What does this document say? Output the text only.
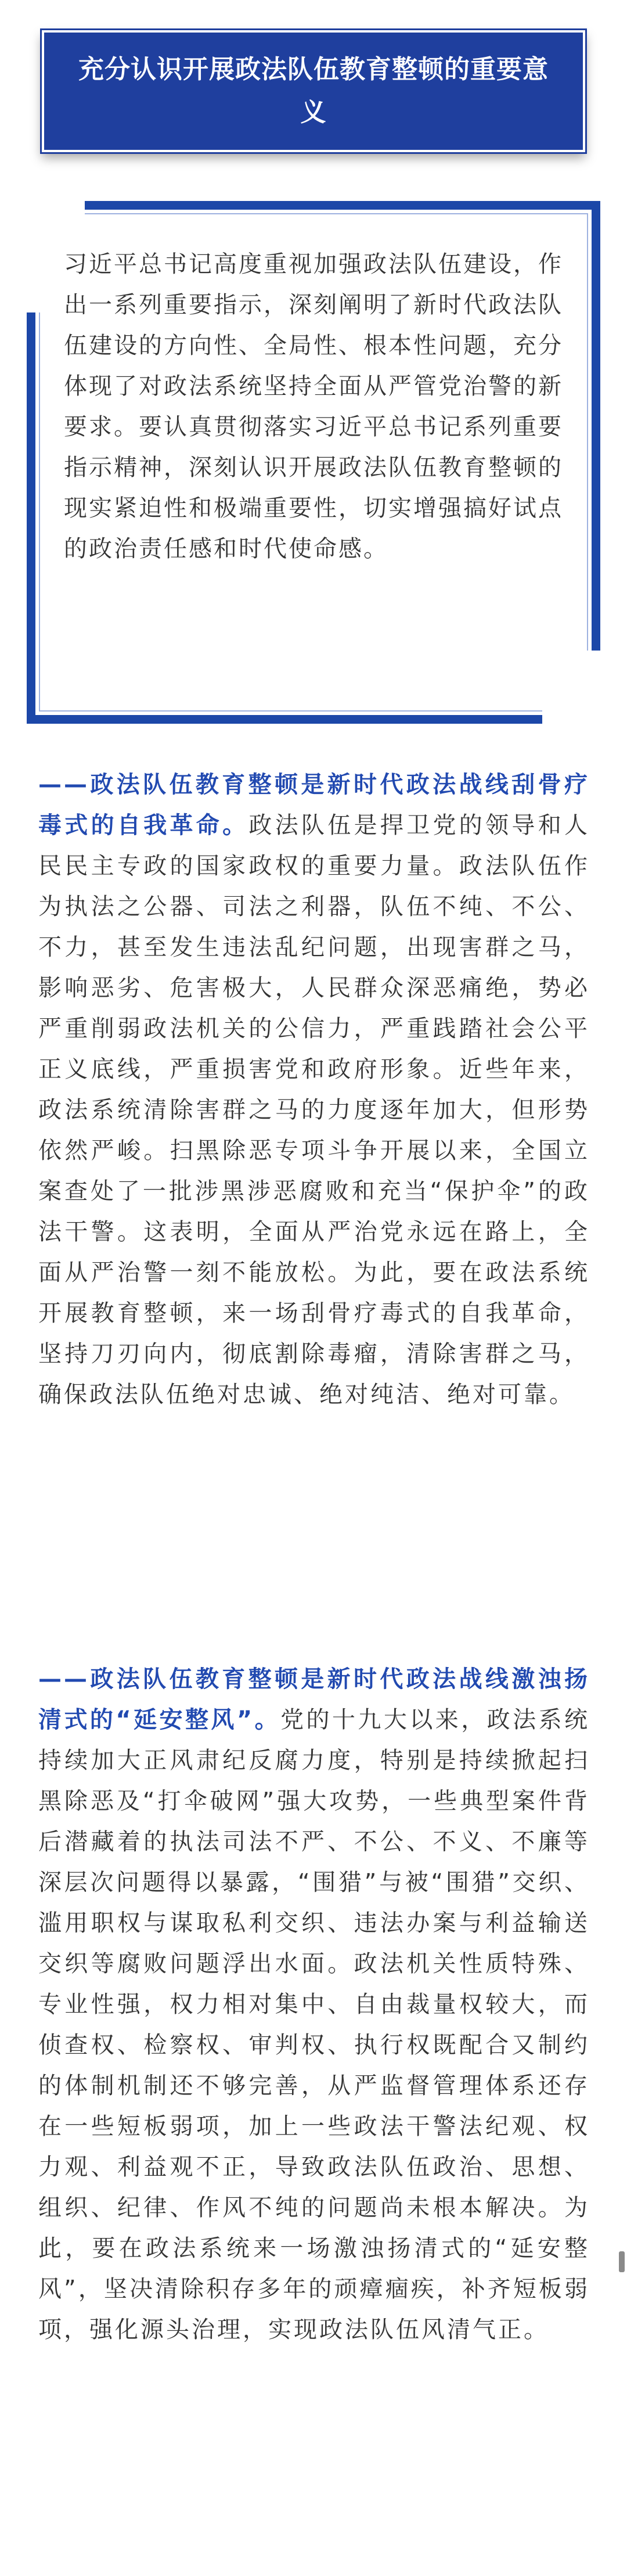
充分认识开展政法队伍教育整顿的重要意义
习近平总书记高度重视加强政法队伍建设，作出一系列重要指示，深刻阐明了新时代政法队伍建设的方向性、全局性、根本性问题，充分体现了对政法系统坚持全面从严管党治警的新要求。要认真贯彻落实习近平总书记系列重要指示精神，深刻认识开展政法队伍教育整顿的现实紧迫性和极端重要性，切实增强搞好试点的政治责任感和时代使命感。
——政法队伍教育整顿是新时代政法战线刮骨疗毒式的自我革命。政法队伍是捍卫党的领导和人民民主专政的国家政权的重要力量。政法队伍作为执法之公器、司法之利器，队伍不纯、不公、不力，甚至发生违法乱纪问题，出现害群之马，影响恶劣、危害极大，人民群众深恶痛绝，势必严重削弱政法机关的公信力，严重践踏社会公平正义底线，严重损害党和政府形象。近些年来，政法系统清除害群之马的力度逐年加大，但形势依然严峻。扫黑除恶专项斗争开展以来，全国立案查处了一批涉黑涉恶腐败和充当“保护伞”的政法干警。这表明，全面从严治党永远在路上，全面从严治警一刻不能放松。为此，要在政法系统开展教育整顿，来一场刮骨疗毒式的自我革命，坚持刀刃向内，彻底割除毒瘤，清除害群之马，确保政法队伍绝对忠诚、绝对纯洁、绝对可靠。
——政法队伍教育整顿是新时代政法战线激浊扬清式的“延安整风”。党的十九大以来，政法系统持续加大正风肃纪反腐力度，特别是持续掀起扫黑除恶及“打伞破网”强大攻势，一些典型案件背后潜藏着的执法司法不严、不公、不义、不廉等深层次问题得以暴露，“围猎”与被“围猎”交织、滥用职权与谋取私利交织、违法办案与利益输送交织等腐败问题浮出水面。政法机关性质特殊、专业性强，权力相对集中、自由裁量权较大，而侦查权、检察权、审判权、执行权既配合又制约的体制机制还不够完善，从严监督管理体系还存在一些短板弱项，加上一些政法干警法纪观、权力观、利益观不正，导致政法队伍政治、思想、组织、纪律、作风不纯的问题尚未根本解决。为此，要在政法系统来一场激浊扬清式的“延安整风”，坚决清除积存多年的顽瘴痼疾，补齐短板弱项，强化源头治理，实现政法队伍风清气正。
